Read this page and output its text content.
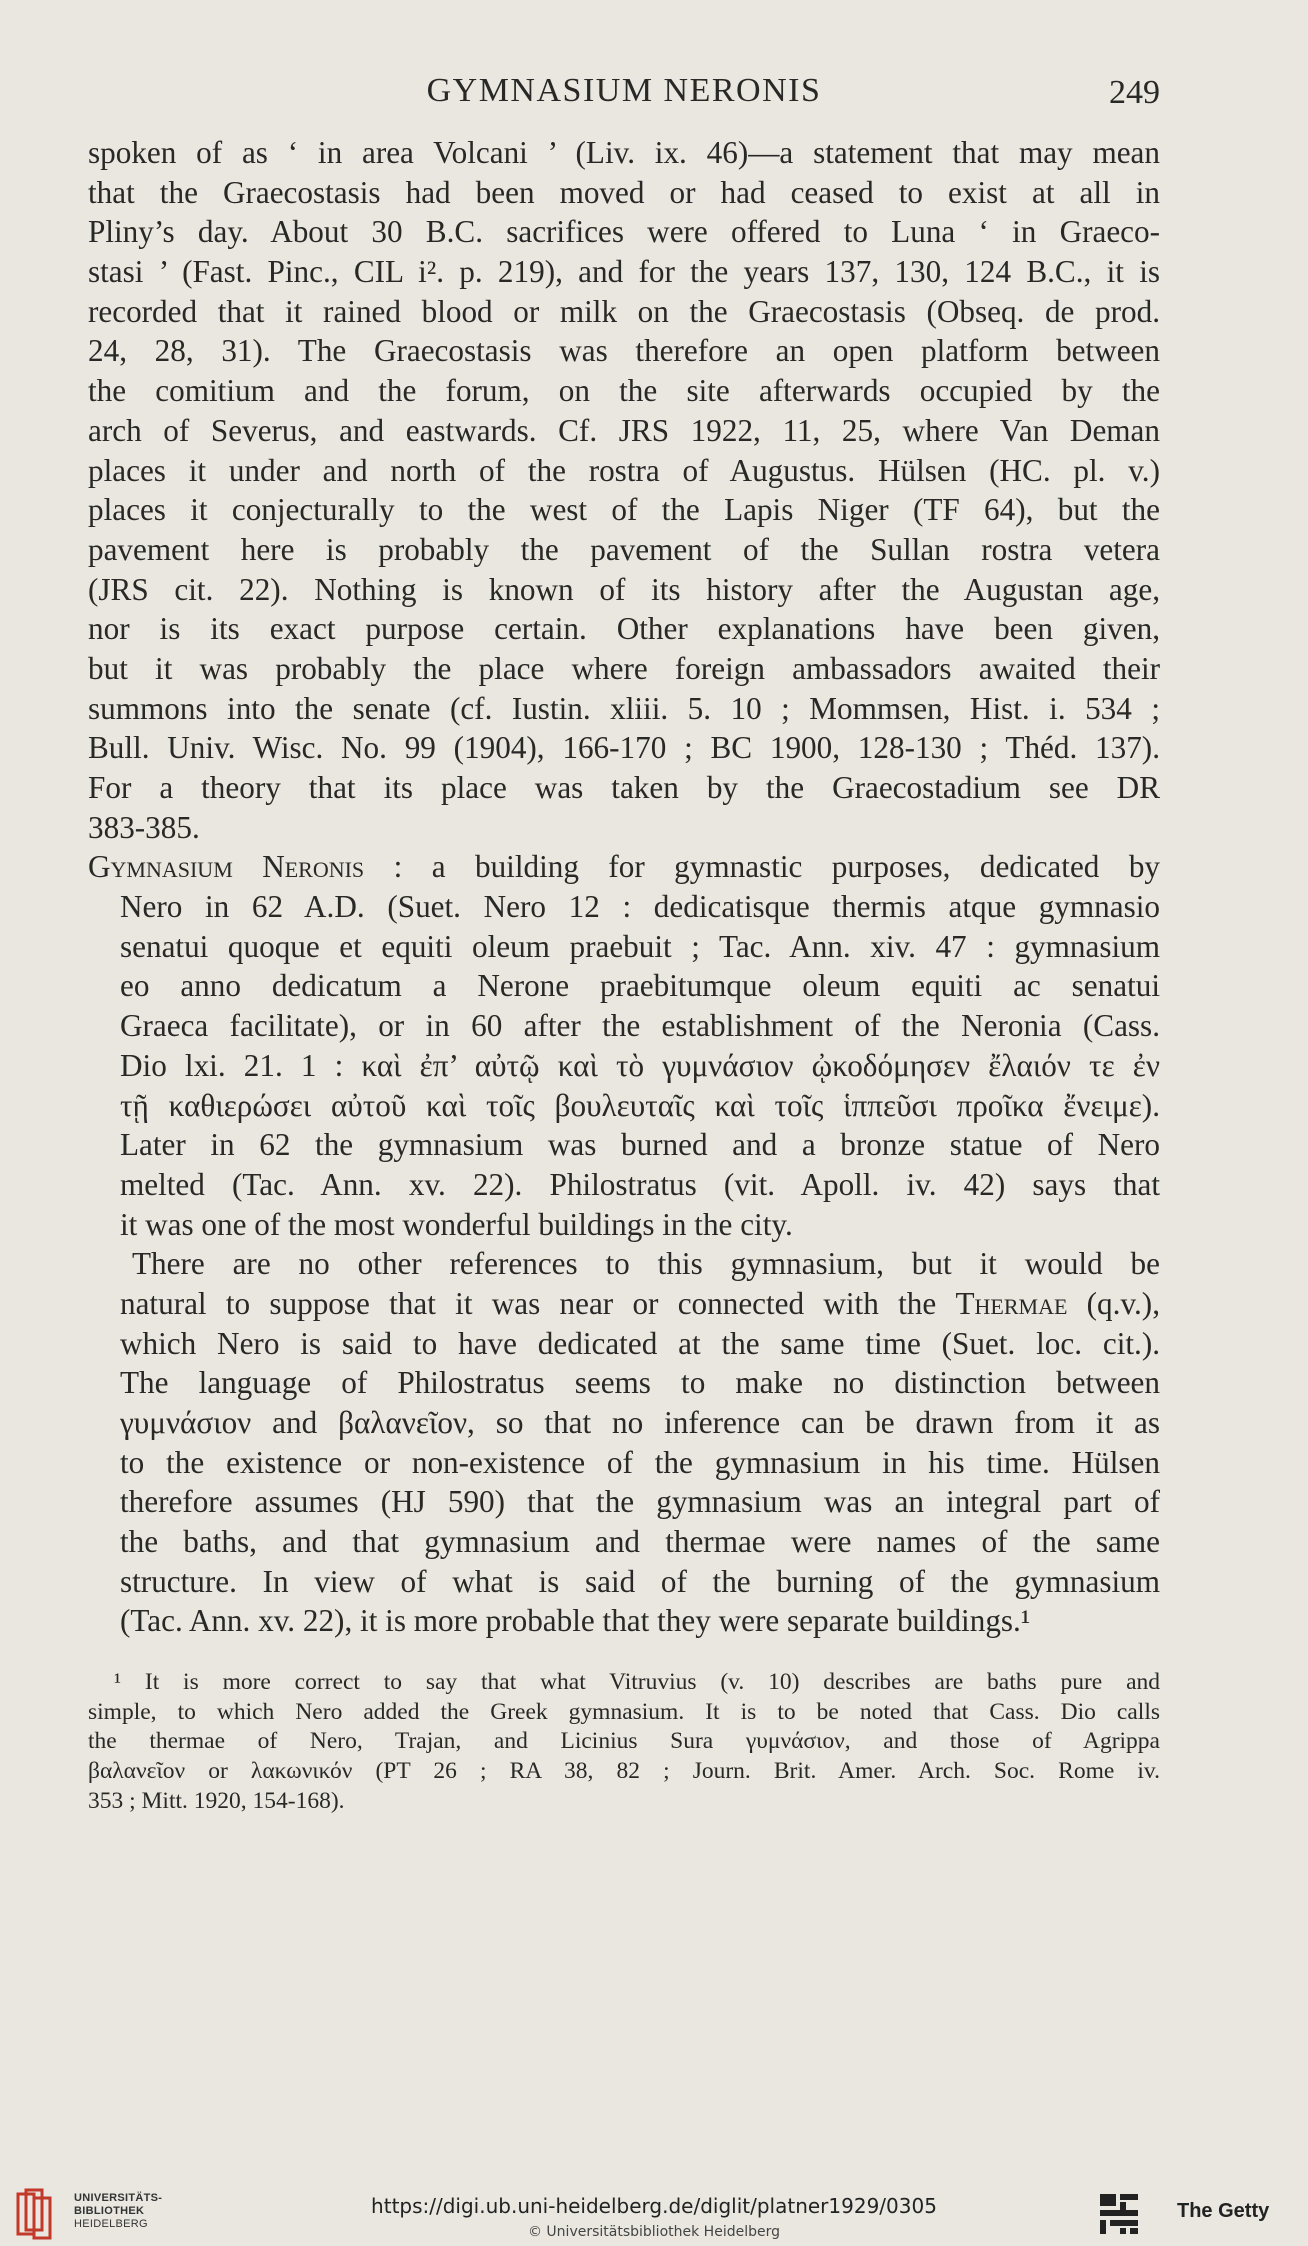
GYMNASIUM NERONIS	249
spoken of as ‘ in area Volcani ’ (Liv. ix. 46)—a statement that may mean
that the Graecostasis had been moved or had ceased to exist at all in
Pliny’s day. About 30 B.C. sacrifices were offered to Luna ‘ in Graeco-
stasi ’ (Fast. Pinc., CIL i². p. 219), and for the years 137, 130, 124 B.C., it is
recorded that it rained blood or milk on the Graecostasis (Obseq. de prod.
24, 28, 31). The Graecostasis was therefore an open platform between
the comitium and the forum, on the site afterwards occupied by the
arch of Severus, and eastwards. Cf. JRS 1922, 11, 25, where Van Deman
places it under and north of the rostra of Augustus. Hülsen (HC. pl. v.)
places it conjecturally to the west of the Lapis Niger (TF 64), but the
pavement here is probably the pavement of the Sullan rostra vetera
(JRS cit. 22). Nothing is known of its history after the Augustan age,
nor is its exact purpose certain. Other explanations have been given,
but it was probably the place where foreign ambassadors awaited their
summons into the senate (cf. Iustin. xliii. 5. 10 ; Mommsen, Hist. i. 534 ;
Bull. Univ. Wisc. No. 99 (1904), 166-170 ; BC 1900, 128-130 ; Théd. 137).
For a theory that its place was taken by the Graecostadium see DR
383-385.
Gymnasium Neronis : a building for gymnastic purposes, dedicated by
Nero in 62 A.D. (Suet. Nero 12 : dedicatisque thermis atque gymnasio
senatui quoque et equiti oleum praebuit ; Tac. Ann. xiv. 47 : gymnasium
eo anno dedicatum a Nerone praebitumque oleum equiti ac senatui
Graeca facilitate), or in 60 after the establishment of the Neronia (Cass.
Dio lxi. 21. 1 : καὶ ἐπ’ αὐτῷ καὶ τὸ γυμνάσιον ᾠκοδόμησεν ἔλαιόν τε ἐν
τῇ καθιερώσει αὐτοῦ καὶ τοῖς βουλευταῖς καὶ τοῖς ἱππεῦσι προῖκα ἔνειμε).
Later in 62 the gymnasium was burned and a bronze statue of Nero
melted (Tac. Ann. xv. 22). Philostratus (vit. Apoll. iv. 42) says that
it was one of the most wonderful buildings in the city.
There are no other references to this gymnasium, but it would be
natural to suppose that it was near or connected with the Thermae (q.v.),
which Nero is said to have dedicated at the same time (Suet. loc. cit.).
The language of Philostratus seems to make no distinction between
γυμνάσιον and βαλανεῖον, so that no inference can be drawn from it as
to the existence or non-existence of the gymnasium in his time. Hülsen
therefore assumes (HJ 590) that the gymnasium was an integral part of
the baths, and that gymnasium and thermae were names of the same
structure. In view of what is said of the burning of the gymnasium
(Tac. Ann. xv. 22), it is more probable that they were separate buildings.¹
¹ It is more correct to say that what Vitruvius (v. 10) describes are baths pure and
simple, to which Nero added the Greek gymnasium. It is to be noted that Cass. Dio calls
the thermae of Nero, Trajan, and Licinius Sura γυμνάσιον, and those of Agrippa
βαλανεῖον or λακωνικόν (PT 26 ; RA 38, 82 ; Journ. Brit. Amer. Arch. Soc. Rome iv.
353 ; Mitt. 1920, 154-168).
UNIVERSITÄTS-
BIBLIOTHEK
HEIDELBERG
https://digi.ub.uni-heidelberg.de/diglit/platner1929/0305
© Universitätsbibliothek Heidelberg
The Getty
